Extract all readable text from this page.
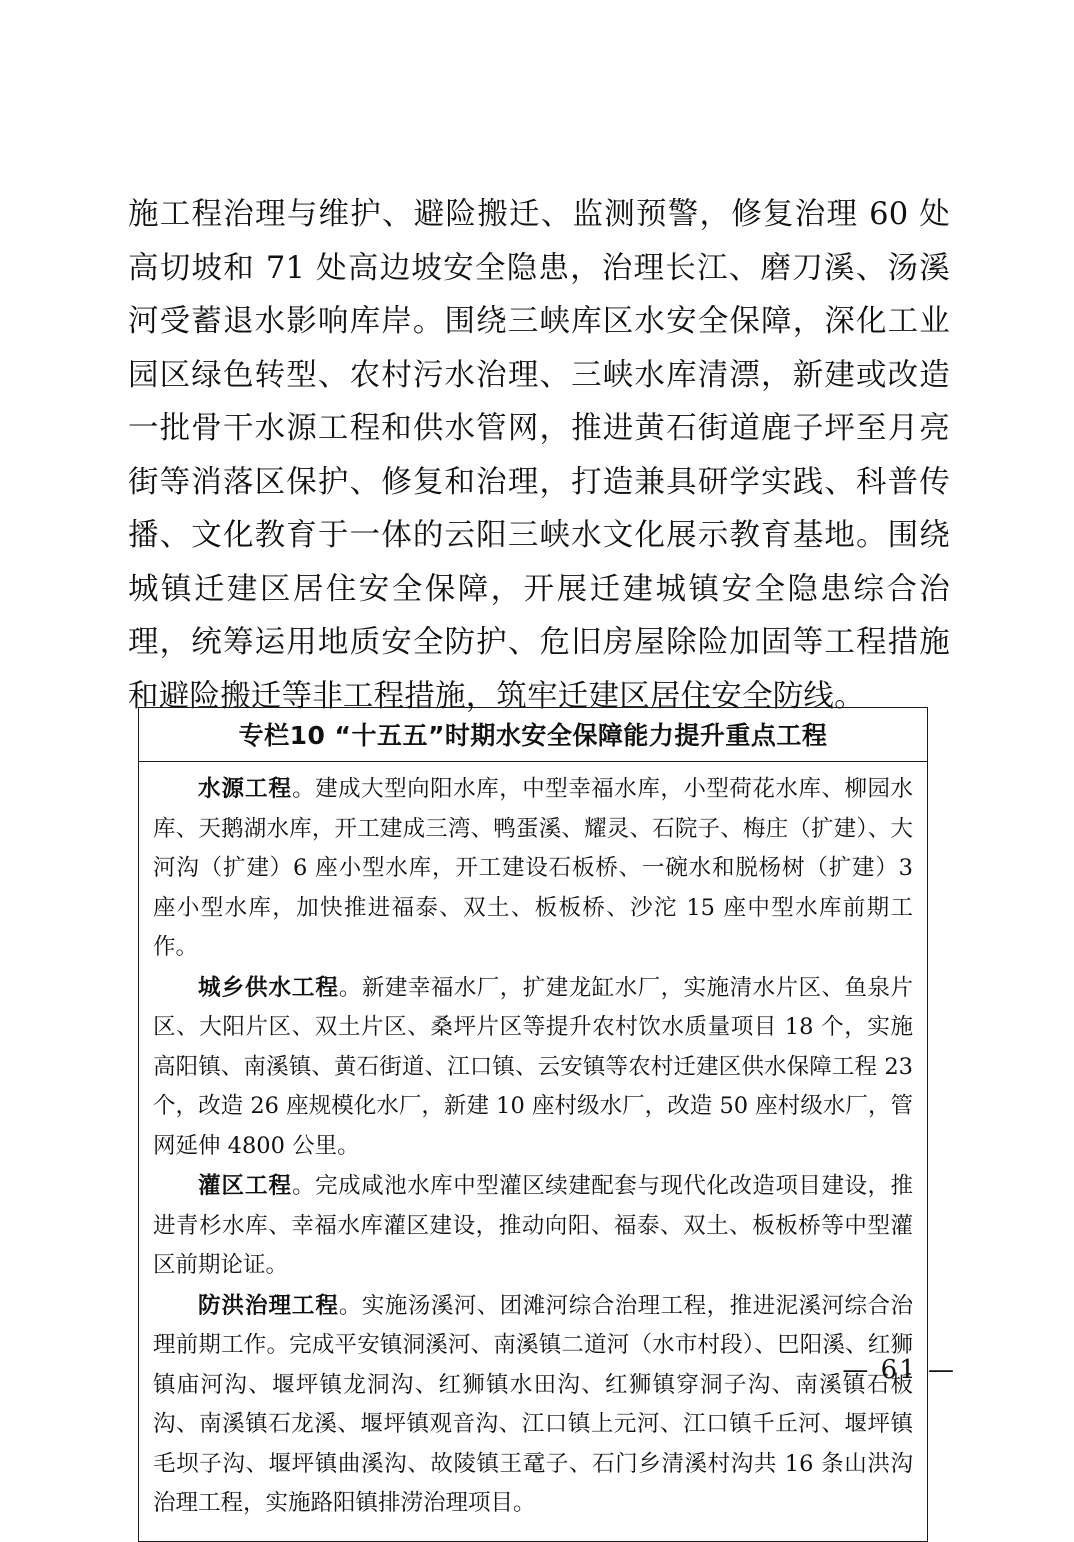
施工程治理与维护、避险搬迁、监测预警，修复治理 60 处高切坡和 71 处高边坡安全隐患，治理长江、磨刀溪、汤溪河受蓄退水影响库岸。围绕三峡库区水安全保障，深化工业园区绿色转型、农村污水治理、三峡水库清漂，新建或改造一批骨干水源工程和供水管网，推进黄石街道鹿子坪至月亮街等消落区保护、修复和治理，打造兼具研学实践、科普传播、文化教育于一体的云阳三峡水文化展示教育基地。围绕城镇迁建区居住安全保障，开展迁建城镇安全隐患综合治理，统筹运用地质安全防护、危旧房屋除险加固等工程措施和避险搬迁等非工程措施，筑牢迁建区居住安全防线。
专栏10 “十五五”时期水安全保障能力提升重点工程

水源工程。建成大型向阳水库，中型幸福水库，小型荷花水库、柳园水库、天鹅湖水库，开工建成三湾、鸭蛋溪、耀灵、石院子、梅庄（扩建）、大河沟（扩建）6 座小型水库，开工建设石板桥、一碗水和脱杨树（扩建）3 座小型水库，加快推进福泰、双土、板板桥、沙沱 15 座中型水库前期工作。

城乡供水工程。新建幸福水厂，扩建龙缸水厂，实施清水片区、鱼泉片区、大阳片区、双土片区、桑坪片区等提升农村饮水质量项目 18 个，实施高阳镇、南溪镇、黄石街道、江口镇、云安镇等农村迁建区供水保障工程 23 个，改造 26 座规模化水厂，新建 10 座村级水厂，改造 50 座村级水厂，管网延伸 4800 公里。

灌区工程。完成咸池水库中型灌区续建配套与现代化改造项目建设，推进青杉水库、幸福水库灌区建设，推动向阳、福泰、双土、板板桥等中型灌区前期论证。

防洪治理工程。实施汤溪河、团滩河综合治理工程，推进泥溪河综合治理前期工作。完成平安镇洞溪河、南溪镇二道河（水市村段）、巴阳溪、红狮镇庙河沟、堰坪镇龙洞沟、红狮镇水田沟、红狮镇穿洞子沟、南溪镇石板沟、南溪镇石龙溪、堰坪镇观音沟、江口镇上元河、江口镇千丘河、堰坪镇毛坝子沟、堰坪镇曲溪沟、故陵镇王鼋子、石门乡清溪村沟共 16 条山洪沟治理工程，实施路阳镇排涝治理项目。

— 61 —
